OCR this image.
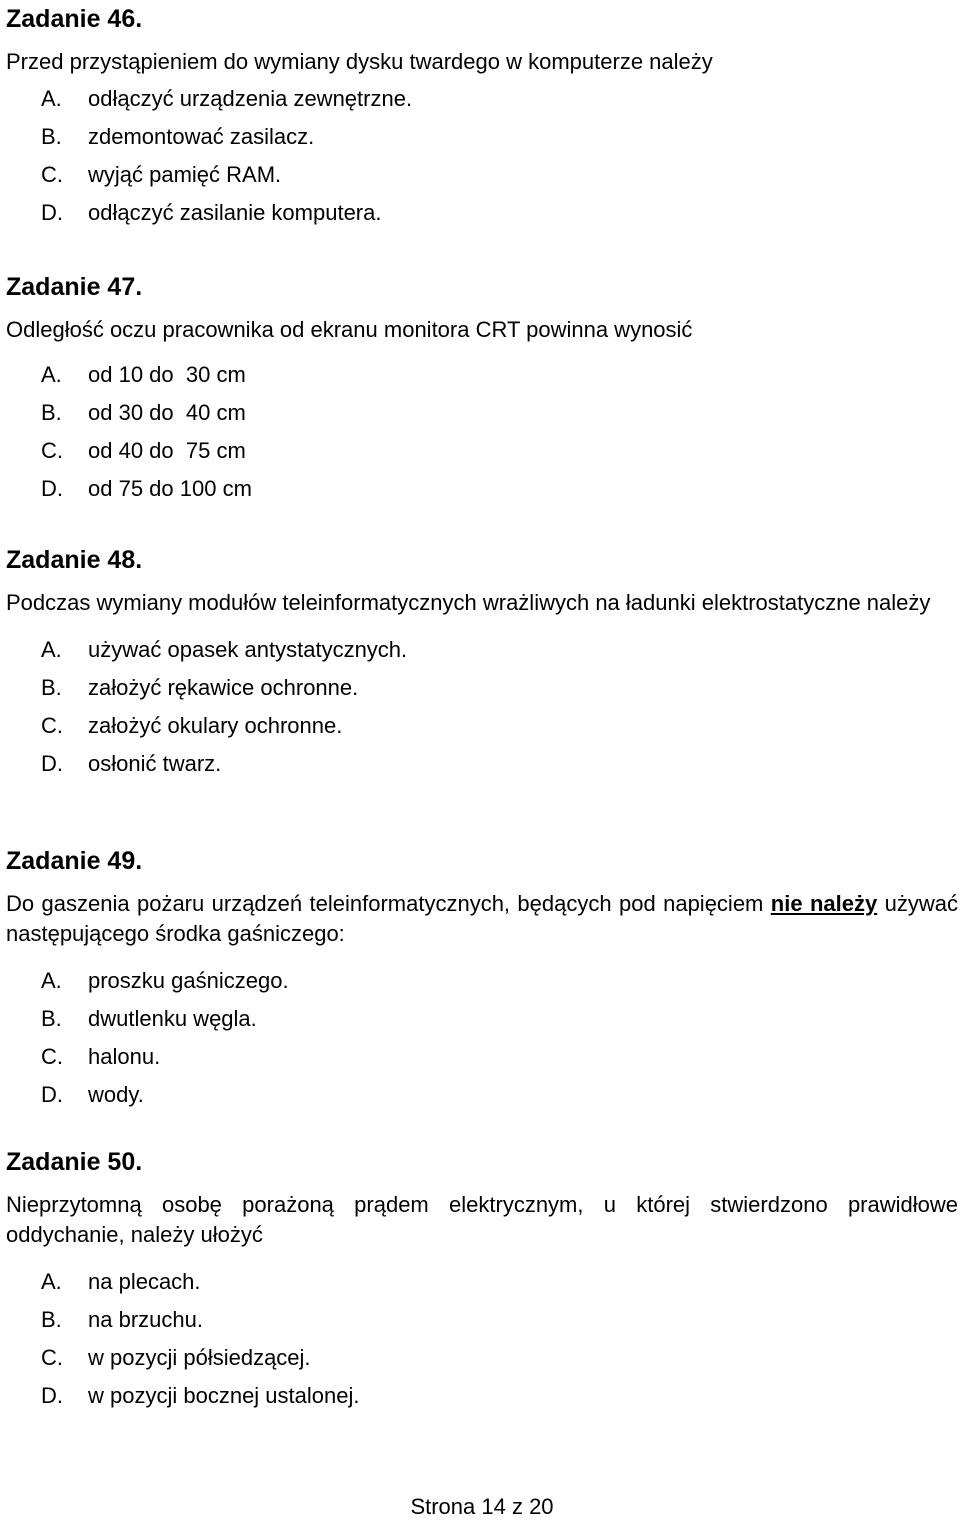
Zadanie 46.

Przed przystąpieniem do wymiany dysku twardego w komputerze należy

A. odłączyć urządzenia zewnętrzne.
B. zdemontować zasilacz.
C. wyjąć pamięć RAM.
D. odłączyć zasilanie komputera.
Zadanie 47.

Odległość oczu pracownika od ekranu monitora CRT powinna wynosić

A. od 10 do  30 cm
B. od 30 do  40 cm
C. od 40 do  75 cm
D. od 75 do 100 cm
Zadanie 48.

Podczas wymiany modułów teleinformatycznych wrażliwych na ładunki elektrostatyczne należy

A. używać opasek antystatycznych.
B. założyć rękawice ochronne.
C. założyć okulary ochronne.
D. osłonić twarz.
Zadanie 49.

Do gaszenia pożaru urządzeń teleinformatycznych, będących pod napięciem nie należy używać następującego środka gaśniczego:

A. proszku gaśniczego.
B. dwutlenku węgla.
C. halonu.
D. wody.
Zadanie 50.

Nieprzytomną osobę porażoną prądem elektrycznym, u której stwierdzono prawidłowe oddychanie, należy ułożyć

A. na plecach.
B. na brzuchu.
C. w pozycji półsiedzącej.
D. w pozycji bocznej ustalonej.
Strona 14 z 20
